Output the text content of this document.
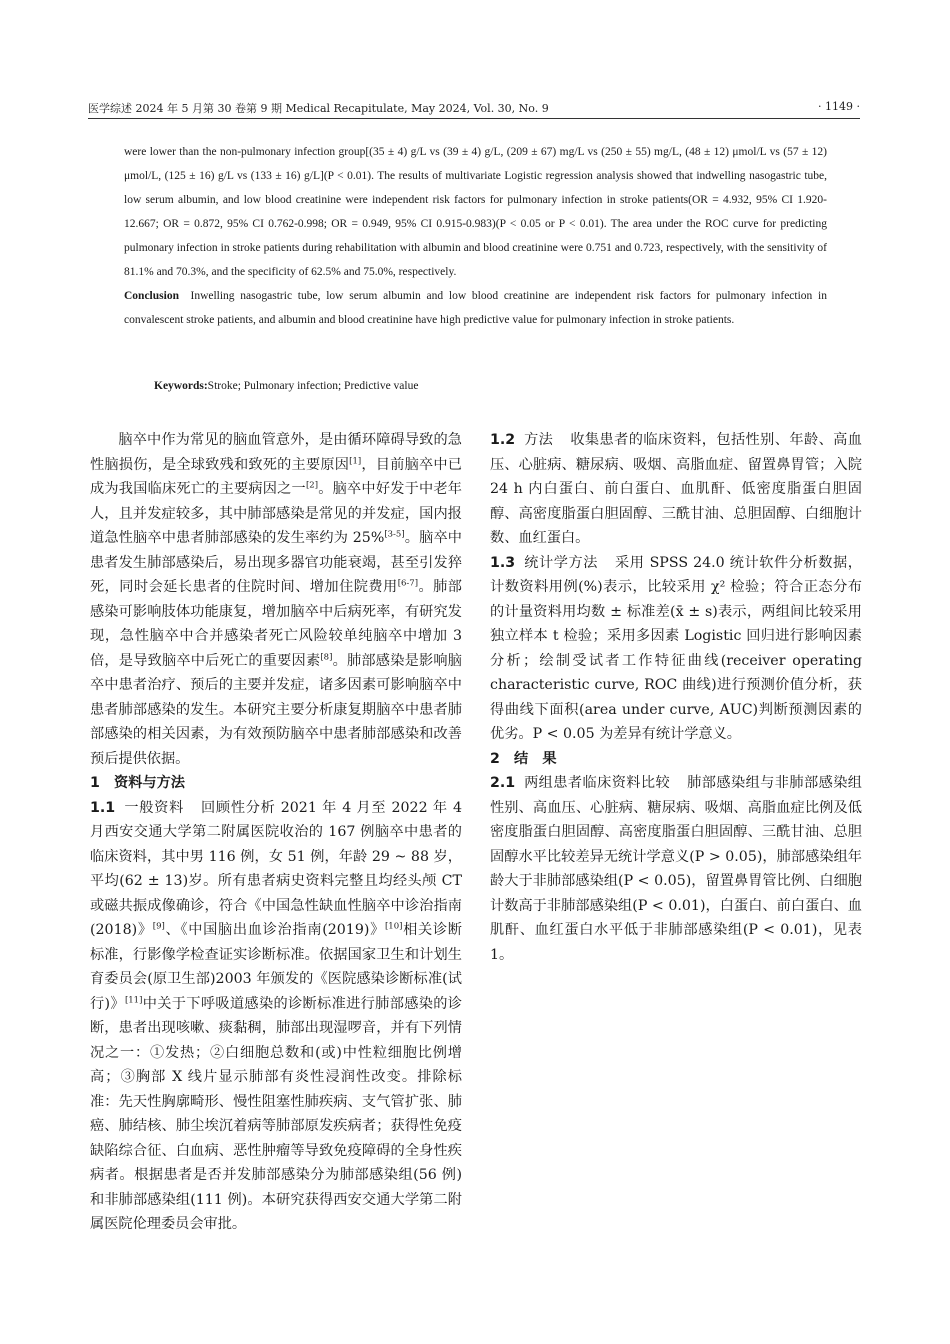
医学综述 2024 年 5 月第 30 卷第 9 期 Medical Recapitulate, May 2024, Vol. 30, No. 9	· 1149 ·

were lower than the non-pulmonary infection group[(35 ± 4) g/L vs (39 ± 4) g/L, (209 ± 67) mg/L vs (250 ± 55) mg/L, (48 ± 12) μmol/L vs (57 ± 12) μmol/L, (125 ± 16) g/L vs (133 ± 16) g/L](P < 0.01). The results of multivariate Logistic regression analysis showed that indwelling nasogastric tube, low serum albumin, and low blood creatinine were independent risk factors for pulmonary infection in stroke patients(OR = 4.932, 95% CI 1.920-12.667; OR = 0.872, 95% CI 0.762-0.998; OR = 0.949, 95% CI 0.915-0.983)(P < 0.05 or P < 0.01). The area under the ROC curve for predicting pulmonary infection in stroke patients during rehabilitation with albumin and blood creatinine were 0.751 and 0.723, respectively, with the sensitivity of 81.1% and 70.3%, and the specificity of 62.5% and 75.0%, respectively.

Conclusion Inwelling nasogastric tube, low serum albumin and low blood creatinine are independent risk factors for pulmonary infection in convalescent stroke patients, and albumin and blood creatinine have high predictive value for pulmonary infection in stroke patients.

Keywords:Stroke; Pulmonary infection; Predictive value

脑卒中作为常见的脑血管意外，是由循环障碍导致的急性脑损伤，是全球致残和致死的主要原因[1]，目前脑卒中已成为我国临床死亡的主要病因之一[2]。脑卒中好发于中老年人，且并发症较多，其中肺部感染是常见的并发症，国内报道急性脑卒中患者肺部感染的发生率约为 25%[3-5]。脑卒中患者发生肺部感染后，易出现多器官功能衰竭，甚至引发猝死，同时会延长患者的住院时间、增加住院费用[6-7]。肺部感染可影响肢体功能康复，增加脑卒中后病死率，有研究发现，急性脑卒中合并感染者死亡风险较单纯脑卒中增加 3 倍，是导致脑卒中后死亡的重要因素[8]。肺部感染是影响脑卒中患者治疗、预后的主要并发症，诸多因素可影响脑卒中患者肺部感染的发生。本研究主要分析康复期脑卒中患者肺部感染的相关因素，为有效预防脑卒中患者肺部感染和改善预后提供依据。

1　资料与方法

1.1 一般资料 回顾性分析 2021 年 4 月至 2022 年 4 月西安交通大学第二附属医院收治的 167 例脑卒中患者的临床资料，其中男 116 例，女 51 例，年龄 29 ~ 88 岁，平均(62 ± 13)岁。所有患者病史资料完整且均经头颅 CT 或磁共振成像确诊，符合《中国急性缺血性脑卒中诊治指南(2018)》[9]、《中国脑出血诊治指南(2019)》[10]相关诊断标准，行影像学检查证实诊断标准。依据国家卫生和计划生育委员会(原卫生部)2003 年颁发的《医院感染诊断标准(试行)》[11]中关于下呼吸道感染的诊断标准进行肺部感染的诊断，患者出现咳嗽、痰黏稠，肺部出现湿啰音，并有下列情况之一：①发热；②白细胞总数和(或)中性粒细胞比例增高；③胸部 X 线片显示肺部有炎性浸润性改变。排除标准：先天性胸廓畸形、慢性阻塞性肺疾病、支气管扩张、肺癌、肺结核、肺尘埃沉着病等肺部原发疾病者；获得性免疫缺陷综合征、白血病、恶性肿瘤等导致免疫障碍的全身性疾病者。根据患者是否并发肺部感染分为肺部感染组(56 例)和非肺部感染组(111 例)。本研究获得西安交通大学第二附属医院伦理委员会审批。

1.2 方法 收集患者的临床资料，包括性别、年龄、高血压、心脏病、糖尿病、吸烟、高脂血症、留置鼻胃管；入院 24 h 内白蛋白、前白蛋白、血肌酐、低密度脂蛋白胆固醇、高密度脂蛋白胆固醇、三酰甘油、总胆固醇、白细胞计数、血红蛋白。

1.3 统计学方法 采用 SPSS 24.0 统计软件分析数据，计数资料用例(%)表示，比较采用 χ² 检验；符合正态分布的计量资料用均数 ± 标准差(x̄ ± s)表示，两组间比较采用独立样本 t 检验；采用多因素 Logistic 回归进行影响因素分析；绘制受试者工作特征曲线(receiver operating characteristic curve, ROC 曲线)进行预测价值分析，获得曲线下面积(area under curve, AUC)判断预测因素的优劣。P < 0.05 为差异有统计学意义。

2　结　果

2.1 两组患者临床资料比较 肺部感染组与非肺部感染组性别、高血压、心脏病、糖尿病、吸烟、高脂血症比例及低密度脂蛋白胆固醇、高密度脂蛋白胆固醇、三酰甘油、总胆固醇水平比较差异无统计学意义(P > 0.05)，肺部感染组年龄大于非肺部感染组(P < 0.05)，留置鼻胃管比例、白细胞计数高于非肺部感染组(P < 0.01)，白蛋白、前白蛋白、血肌酐、血红蛋白水平低于非肺部感染组(P < 0.01)，见表 1。
